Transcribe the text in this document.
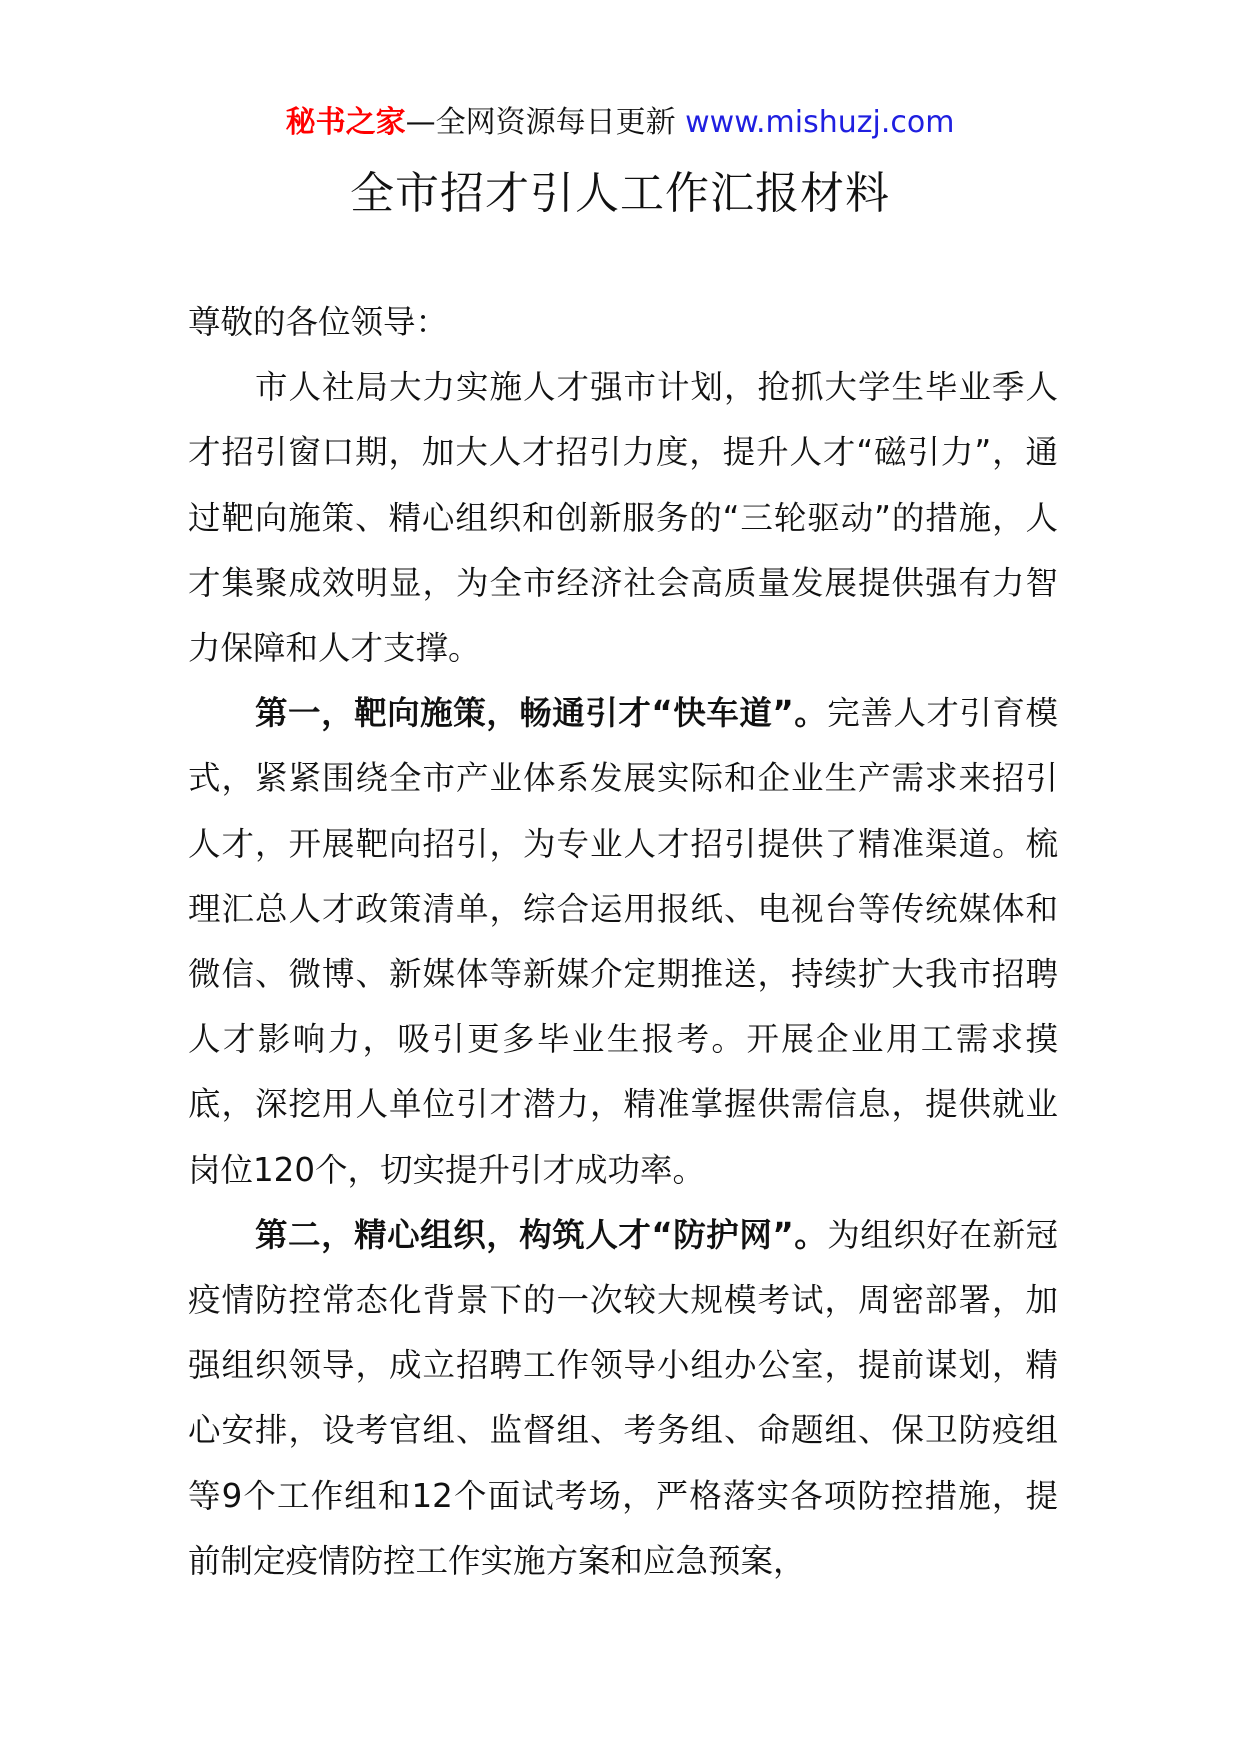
秘书之家—全网资源每日更新 www.mishuzj.com
全市招才引人工作汇报材料

尊敬的各位领导：

市人社局大力实施人才强市计划，抢抓大学生毕业季人才招引窗口期，加大人才招引力度，提升人才“磁引力”，通过靶向施策、精心组织和创新服务的“三轮驱动”的措施，人才集聚成效明显，为全市经济社会高质量发展提供强有力智力保障和人才支撑。

第一，靶向施策，畅通引才“快车道”。完善人才引育模式，紧紧围绕全市产业体系发展实际和企业生产需求来招引人才，开展靶向招引，为专业人才招引提供了精准渠道。梳理汇总人才政策清单，综合运用报纸、电视台等传统媒体和微信、微博、新媒体等新媒介定期推送，持续扩大我市招聘人才影响力，吸引更多毕业生报考。开展企业用工需求摸底，深挖用人单位引才潜力，精准掌握供需信息，提供就业岗位120个，切实提升引才成功率。

第二，精心组织，构筑人才“防护网”。为组织好在新冠疫情防控常态化背景下的一次较大规模考试，周密部署，加强组织领导，成立招聘工作领导小组办公室，提前谋划，精心安排，设考官组、监督组、考务组、命题组、保卫防疫组等9个工作组和12个面试考场，严格落实各项防控措施，提前制定疫情防控工作实施方案和应急预案，
